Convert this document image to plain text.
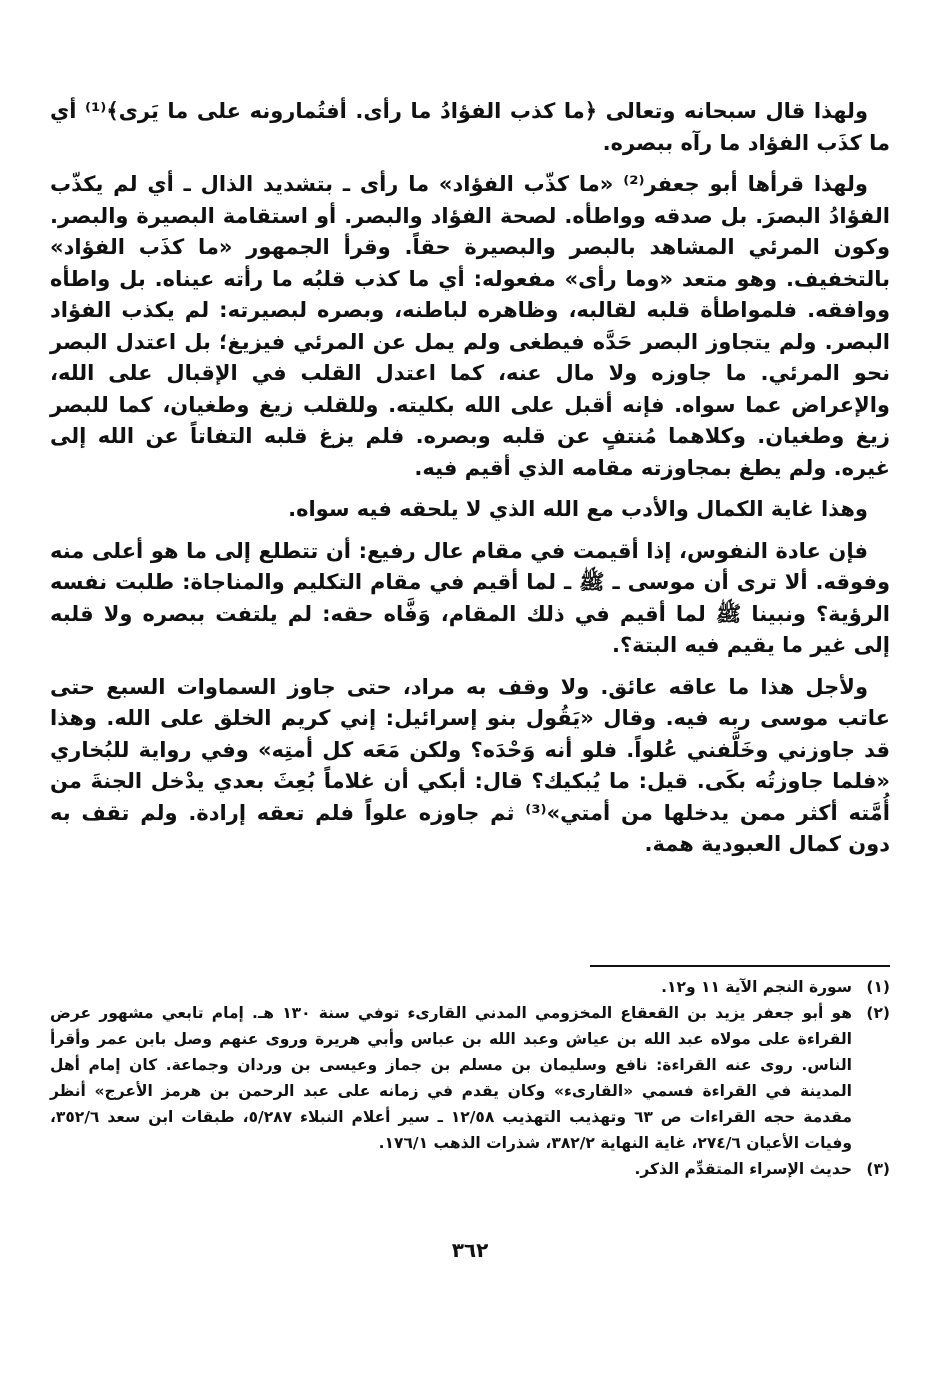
ولهذا قال سبحانه وتعالى ﴿ما كذب الفؤادُ ما رأى. أفتُمارونه على ما يَرى﴾⁽¹⁾ أي ما كذَب الفؤاد ما رآه ببصره.

ولهذا قرأها أبو جعفر⁽²⁾ «ما كذّب الفؤاد» ما رأى ـ بتشديد الذال ـ أي لم يكذّب الفؤادُ البصرَ. بل صدقه وواطأه. لصحة الفؤاد والبصر. أو استقامة البصيرة والبصر. وكون المرئي المشاهد بالبصر والبصيرة حقاً. وقرأ الجمهور «ما كذَب الفؤاد» بالتخفيف. وهو متعد «وما رأى» مفعوله: أي ما كذب قلبُه ما رأته عيناه. بل واطأه ووافقه. فلمواطأة قلبه لقالبه، وظاهره لباطنه، وبصره لبصيرته: لم يكذب الفؤاد البصر. ولم يتجاوز البصر حَدَّه فيطغى ولم يمل عن المرئي فيزيغ؛ بل اعتدل البصر نحو المرئي. ما جاوزه ولا مال عنه، كما اعتدل القلب في الإقبال على الله، والإعراض عما سواه. فإنه أقبل على الله بكليته. وللقلب زيغ وطغيان، كما للبصر زيغ وطغيان. وكلاهما مُنتفٍ عن قلبه وبصره. فلم يزغ قلبه التفاتاً عن الله إلى غيره. ولم يطغ بمجاوزته مقامه الذي أقيم فيه.

وهذا غاية الكمال والأدب مع الله الذي لا يلحقه فيه سواه.

فإن عادة النفوس، إذا أقيمت في مقام عال رفيع: أن تتطلع إلى ما هو أعلى منه وفوقه. ألا ترى أن موسى ـ ﷺ ـ لما أقيم في مقام التكليم والمناجاة: طلبت نفسه الرؤية؟ ونبينا ﷺ لما أقيم في ذلك المقام، وَفَّاه حقه: لم يلتفت ببصره ولا قلبه إلى غير ما يقيم فيه البتة؟.

ولأجل هذا ما عاقه عائق. ولا وقف به مراد، حتى جاوز السماوات السبع حتى عاتب موسى ربه فيه. وقال «يَقُول بنو إسرائيل: إني كريم الخلق على الله. وهذا قد جاوزني وخَلَّفني عُلواً. فلو أنه وَحْدَه؟ ولكن مَعَه كل أمتِه» وفي رواية للبُخاري «فلما جاوزتُه بكَى. قيل: ما يُبكيك؟ قال: أبكي أن غلاماً بُعِثَ بعدي يدْخل الجنةَ من أُمَّته أكثر ممن يدخلها من أمتي»⁽³⁾ ثم جاوزه علواً فلم تعقه إرادة. ولم تقف به دون كمال العبودية همة.

(١)
سورة النجم الآية ١١ و١٢.
(٢)
هو أبو جعفر يزيد بن القعقاع المخزومي المدني القارىء توفي سنة ١٣٠ هـ. إمام تابعي مشهور عرض القراءة على مولاه عبد الله بن عياش وعبد الله بن عباس وأبي هريرة وروى عنهم وصل بابن عمر وأقرأ الناس. روى عنه القراءة: نافع وسليمان بن مسلم بن جماز وعيسى بن وردان وجماعة. كان إمام أهل المدينة في القراءة فسمي «القارىء» وكان يقدم في زمانه على عبد الرحمن بن هرمز الأعرج» أنظر مقدمة حجه القراءات ص ٦٣ وتهذيب التهذيب ١٢/٥٨ ـ سير أعلام النبلاء ٥/٢٨٧، طبقات ابن سعد ٣٥٢/٦، وفيات الأعيان ٢٧٤/٦، غاية النهاية ٣٨٢/٢، شذرات الذهب ١٧٦/١.
(٣)
حديث الإسراء المتقدِّم الذكر.
٣٦٢
